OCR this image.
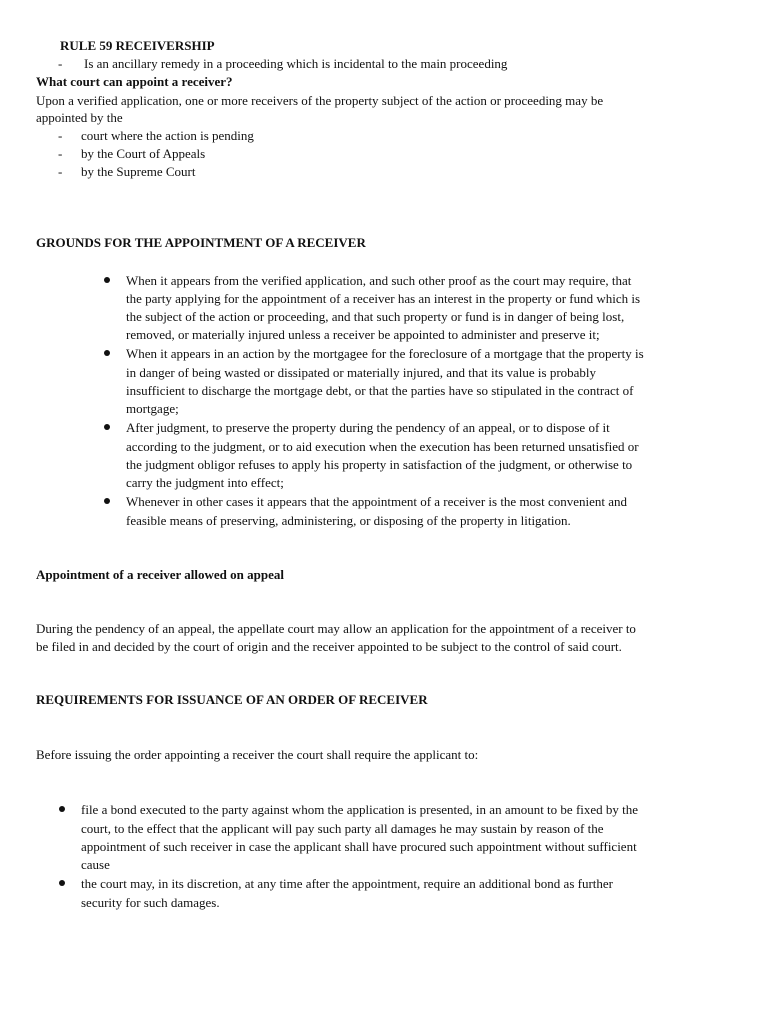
RULE 59 RECEIVERSHIP
- Is an ancillary remedy in a proceeding which is incidental to the main proceeding
What court can appoint a receiver?
Upon a verified application, one or more receivers of the property subject of the action or proceeding may be
appointed by the
- court where the action is pending
- by the Court of Appeals
- by the Supreme Court
GROUNDS FOR THE APPOINTMENT OF A RECEIVER
When it appears from the verified application, and such other proof as the court may require, that
the party applying for the appointment of a receiver has an interest in the property or fund which is
the subject of the action or proceeding, and that such property or fund is in danger of being lost,
removed, or materially injured unless a receiver be appointed to administer and preserve it;
When it appears in an action by the mortgagee for the foreclosure of a mortgage that the property is
in danger of being wasted or dissipated or materially injured, and that its value is probably
insufficient to discharge the mortgage debt, or that the parties have so stipulated in the contract of
mortgage;
After judgment, to preserve the property during the pendency of an appeal, or to dispose of it
according to the judgment, or to aid execution when the execution has been returned unsatisfied or
the judgment obligor refuses to apply his property in satisfaction of the judgment, or otherwise to
carry the judgment into effect;
Whenever in other cases it appears that the appointment of a receiver is the most convenient and
feasible means of preserving, administering, or disposing of the property in litigation.
Appointment of a receiver allowed on appeal
During the pendency of an appeal, the appellate court may allow an application for the appointment of a receiver to
be filed in and decided by the court of origin and the receiver appointed to be subject to the control of said court.
REQUIREMENTS FOR ISSUANCE OF AN ORDER OF RECEIVER
Before issuing the order appointing a receiver the court shall require the applicant to:
file a bond executed to the party against whom the application is presented, in an amount to be fixed by the
court, to the effect that the applicant will pay such party all damages he may sustain by reason of the
appointment of such receiver in case the applicant shall have procured such appointment without sufficient
cause
the court may, in its discretion, at any time after the appointment, require an additional bond as further
security for such damages.
